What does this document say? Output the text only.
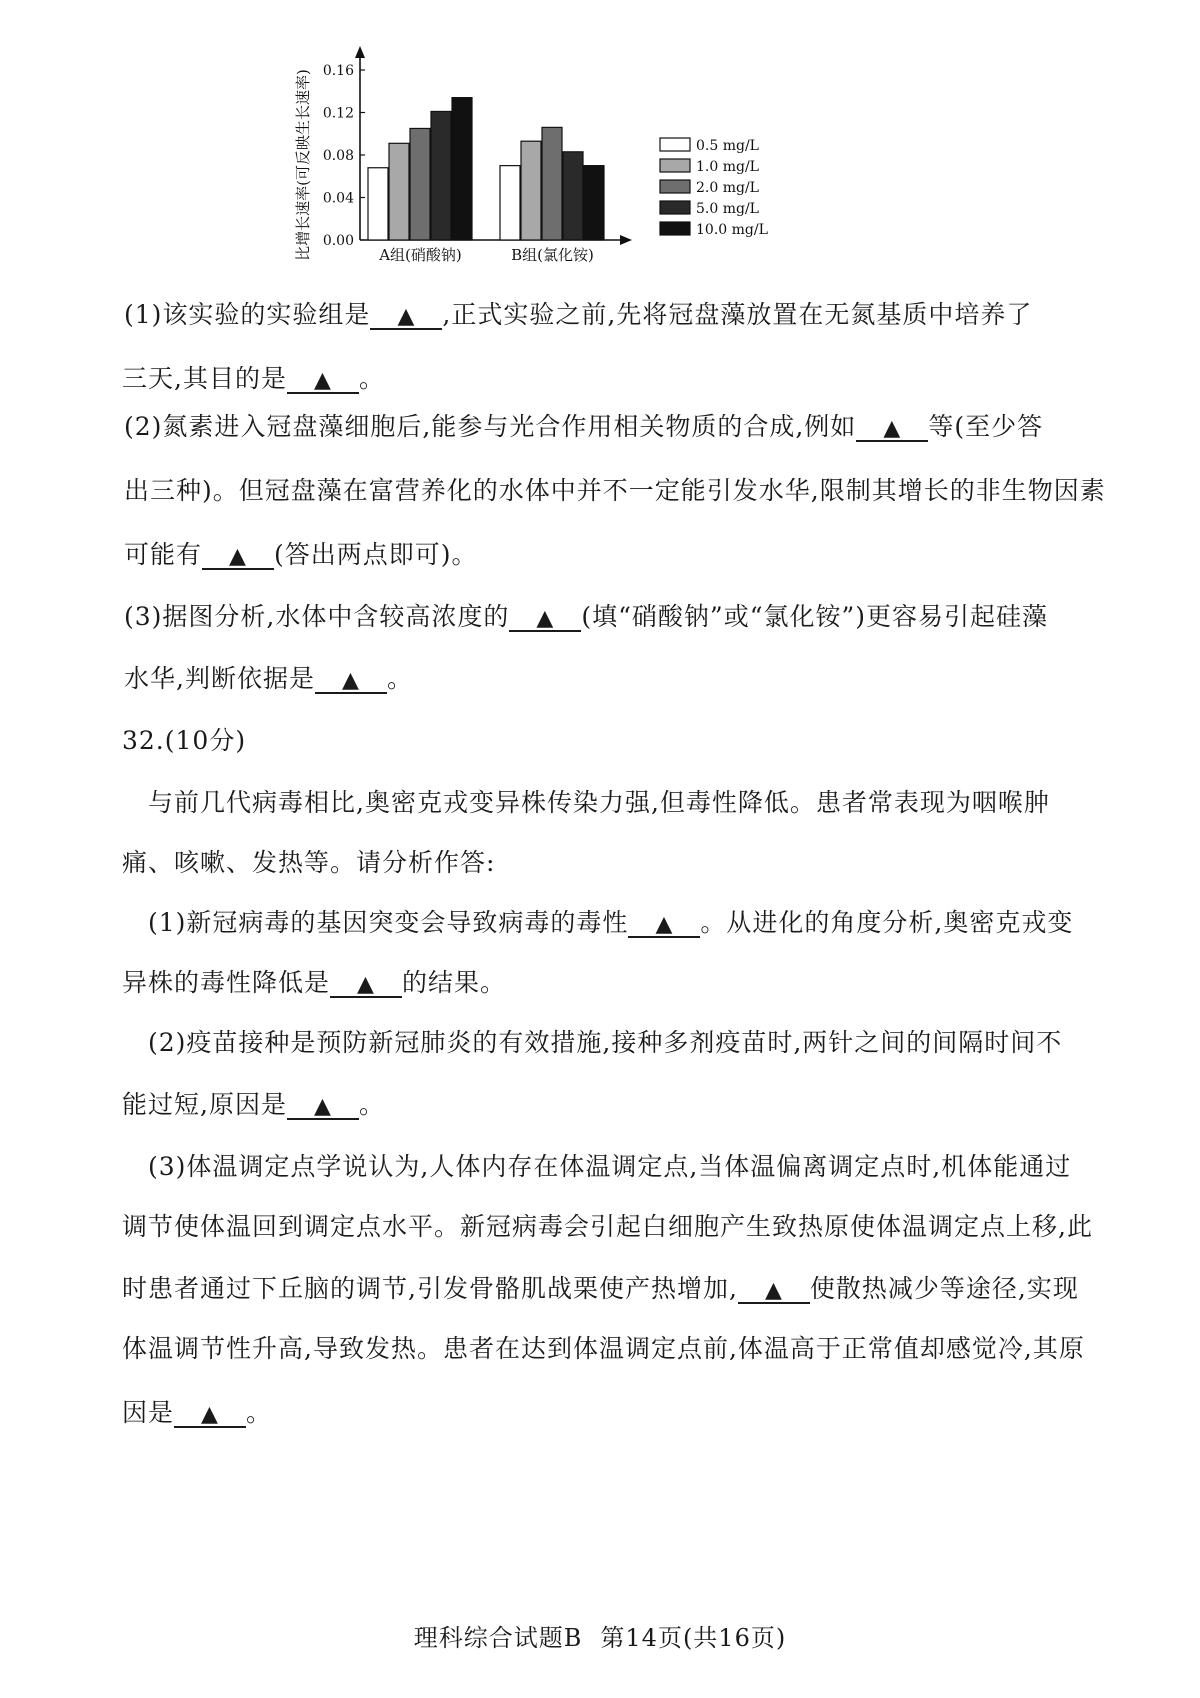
0.00
0.04
0.08
0.12
0.16
比增长速率(可反映生长速率)	A组(硝酸钠)	B组(氯化铵)
0.5 mg/L
1.0 mg/L
2.0 mg/L
5.0 mg/L
10.0 mg/L
(1)该实验的实验组是 ▲ ,正式实验之前,先将冠盘藻放置在无氮基质中培养了
三天,其目的是 ▲ 。
(2)氮素进入冠盘藻细胞后,能参与光合作用相关物质的合成,例如 ▲ 等(至少答
出三种)。但冠盘藻在富营养化的水体中并不一定能引发水华,限制其增长的非生物因素
可能有 ▲ (答出两点即可)。
(3)据图分析,水体中含较高浓度的 ▲ (填“硝酸钠”或“氯化铵”)更容易引起硅藻
水华,判断依据是 ▲ 。
32.(10分)
与前几代病毒相比,奥密克戎变异株传染力强,但毒性降低。患者常表现为咽喉肿
痛、咳嗽、发热等。请分析作答:
(1)新冠病毒的基因突变会导致病毒的毒性 ▲ 。从进化的角度分析,奥密克戎变
异株的毒性降低是 ▲ 的结果。
(2)疫苗接种是预防新冠肺炎的有效措施,接种多剂疫苗时,两针之间的间隔时间不
能过短,原因是 ▲ 。
(3)体温调定点学说认为,人体内存在体温调定点,当体温偏离调定点时,机体能通过
调节使体温回到调定点水平。新冠病毒会引起白细胞产生致热原使体温调定点上移,此
时患者通过下丘脑的调节,引发骨骼肌战栗使产热增加, ▲ 使散热减少等途径,实现
体温调节性升高,导致发热。患者在达到体温调定点前,体温高于正常值却感觉冷,其原
因是 ▲ 。
理科综合试题B 第14页(共16页)
